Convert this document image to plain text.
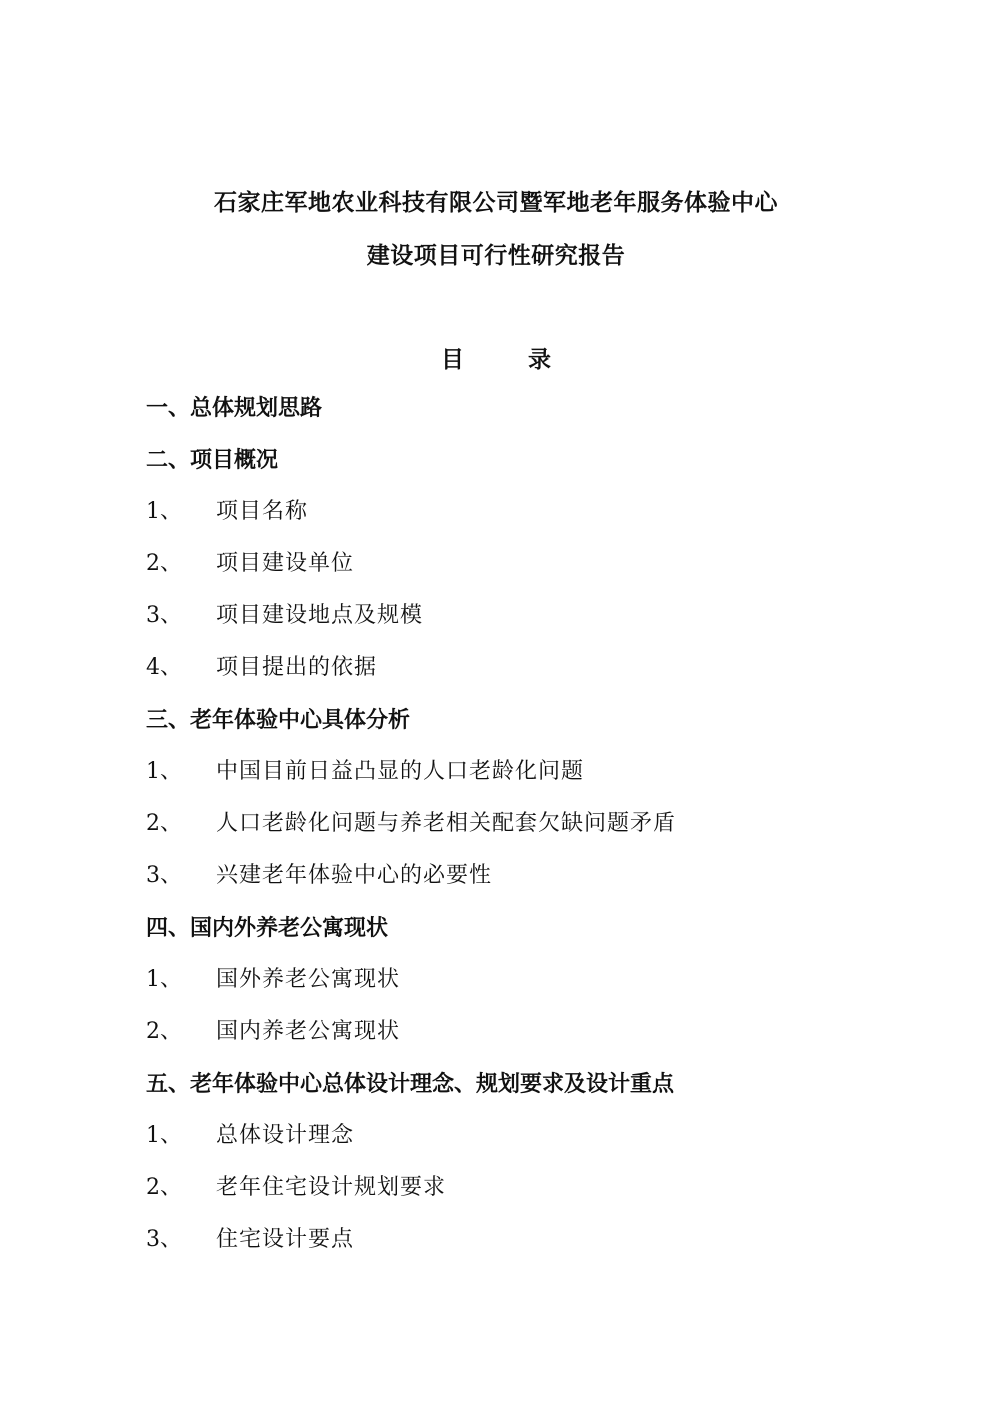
石家庄军地农业科技有限公司暨军地老年服务体验中心
建设项目可行性研究报告
目	录
一、总体规划思路
二、项目概况
1、 项目名称
2、 项目建设单位
3、 项目建设地点及规模
4、 项目提出的依据
三、老年体验中心具体分析
1、 中国目前日益凸显的人口老龄化问题
2、 人口老龄化问题与养老相关配套欠缺问题矛盾
3、 兴建老年体验中心的必要性
四、国内外养老公寓现状
1、 国外养老公寓现状
2、 国内养老公寓现状
五、老年体验中心总体设计理念、规划要求及设计重点
1、 总体设计理念
2、 老年住宅设计规划要求
3、 住宅设计要点
